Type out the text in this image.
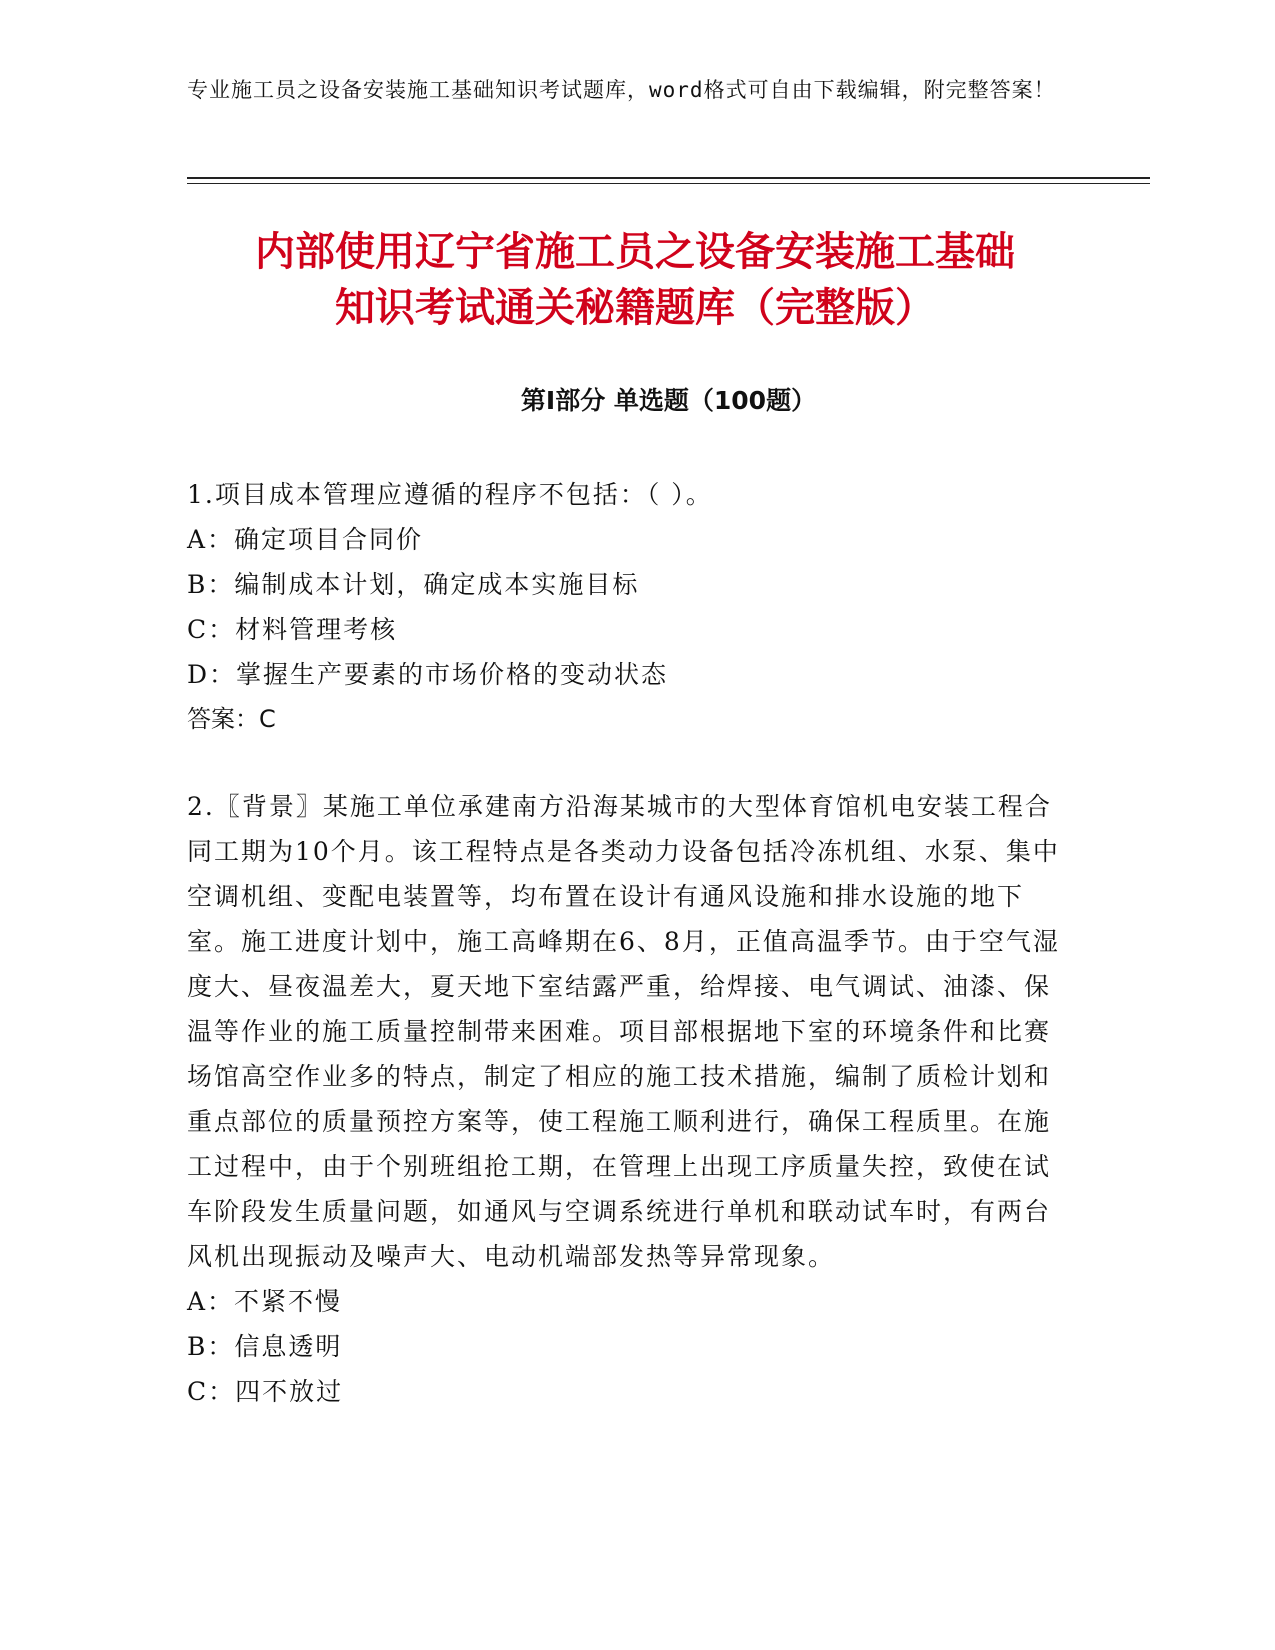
专业施工员之设备安装施工基础知识考试题库，word格式可自由下载编辑，附完整答案！
内部使用辽宁省施工员之设备安装施工基础
知识考试通关秘籍题库（完整版）
第Ⅰ部分 单选题（100题）

1.项目成本管理应遵循的程序不包括：（ ）。

A：确定项目合同价

B：编制成本计划，确定成本实施目标

C：材料管理考核

D：掌握生产要素的市场价格的变动状态

答案：C

2.〖背景〗某施工单位承建南方沿海某城市的大型体育馆机电安装工程合同工期为10个月。该工程特点是各类动力设备包括冷冻机组、水泵、集中空调机组、变配电装置等，均布置在设计有通风设施和排水设施的地下室。施工进度计划中，施工高峰期在6、8月，正值高温季节。由于空气湿度大、昼夜温差大，夏天地下室结露严重，给焊接、电气调试、油漆、保温等作业的施工质量控制带来困难。项目部根据地下室的环境条件和比赛场馆高空作业多的特点，制定了相应的施工技术措施，编制了质检计划和重点部位的质量预控方案等，使工程施工顺利进行，确保工程质里。在施工过程中，由于个别班组抢工期，在管理上出现工序质量失控，致使在试车阶段发生质量问题，如通风与空调系统进行单机和联动试车时，有两台风机出现振动及噪声大、电动机端部发热等异常现象。

A：不紧不慢

B：信息透明

C：四不放过
